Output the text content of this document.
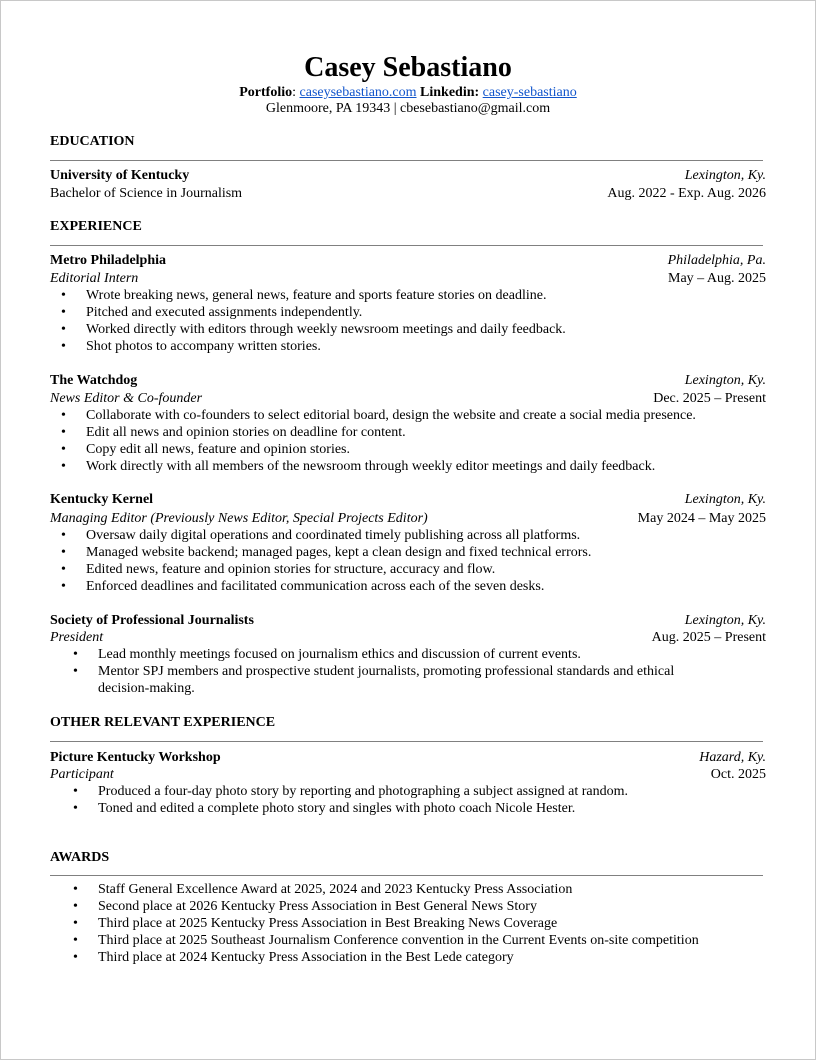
Casey Sebastiano
Portfolio: caseysebastiano.com Linkedin: casey-sebastiano
Glenmoore, PA 19343 | cbesebastiano@gmail.com
EDUCATION
University of Kentucky	Lexington, Ky.
Bachelor of Science in Journalism	Aug. 2022 - Exp. Aug. 2026
EXPERIENCE
Metro Philadelphia	Philadelphia, Pa.
Editorial Intern	May – Aug. 2025
• Wrote breaking news, general news, feature and sports feature stories on deadline.
• Pitched and executed assignments independently.
• Worked directly with editors through weekly newsroom meetings and daily feedback.
• Shot photos to accompany written stories.
The Watchdog	Lexington, Ky.
News Editor & Co-founder	Dec. 2025 – Present
• Collaborate with co-founders to select editorial board, design the website and create a social media presence.
• Edit all news and opinion stories on deadline for content.
• Copy edit all news, feature and opinion stories.
• Work directly with all members of the newsroom through weekly editor meetings and daily feedback.
Kentucky Kernel	Lexington, Ky.
Managing Editor (Previously News Editor, Special Projects Editor)	May 2024 – May 2025
• Oversaw daily digital operations and coordinated timely publishing across all platforms.
• Managed website backend; managed pages, kept a clean design and fixed technical errors.
• Edited news, feature and opinion stories for structure, accuracy and flow.
• Enforced deadlines and facilitated communication across each of the seven desks.
Society of Professional Journalists	Lexington, Ky.
President	Aug. 2025 – Present
• Lead monthly meetings focused on journalism ethics and discussion of current events.
• Mentor SPJ members and prospective student journalists, promoting professional standards and ethical decision-making.
OTHER RELEVANT EXPERIENCE
Picture Kentucky Workshop	Hazard, Ky.
Participant	Oct. 2025
• Produced a four-day photo story by reporting and photographing a subject assigned at random.
• Toned and edited a complete photo story and singles with photo coach Nicole Hester.
AWARDS
• Staff General Excellence Award at 2025, 2024 and 2023 Kentucky Press Association
• Second place at 2026 Kentucky Press Association in Best General News Story
• Third place at 2025 Kentucky Press Association in Best Breaking News Coverage
• Third place at 2025 Southeast Journalism Conference convention in the Current Events on-site competition
• Third place at 2024 Kentucky Press Association in the Best Lede category
